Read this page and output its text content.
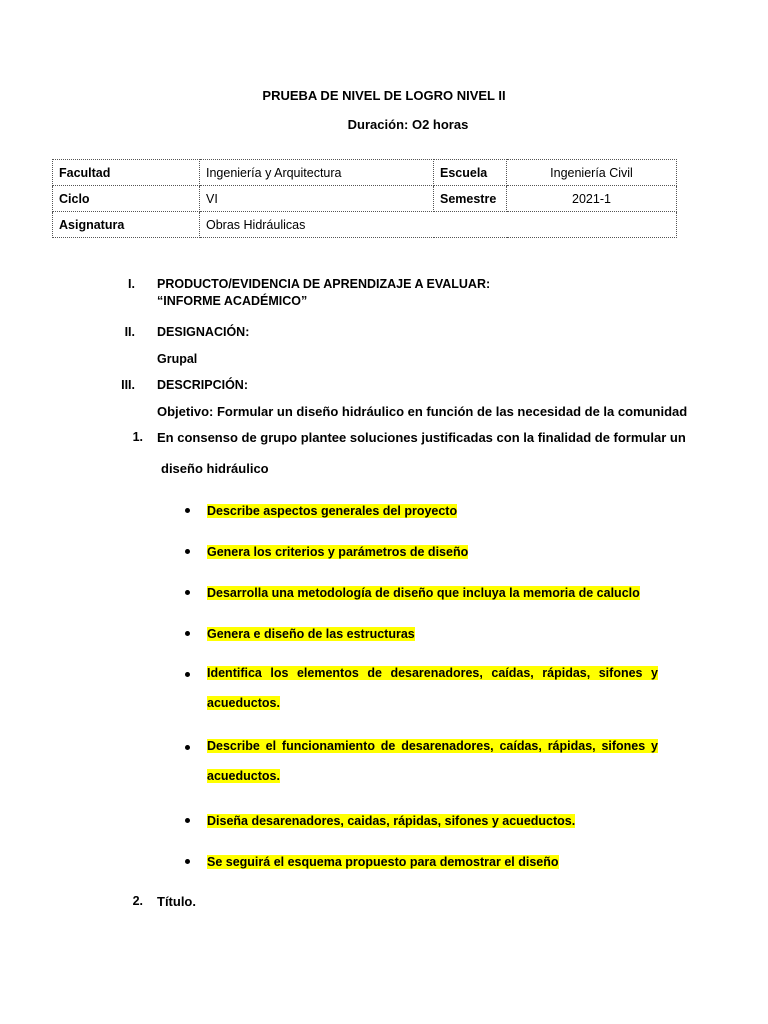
PRUEBA DE NIVEL DE LOGRO NIVEL II
Duración: O2 horas
Facultad	Ingeniería y Arquitectura	Escuela	Ingeniería Civil
Ciclo	VI	Semestre	2021-1
Asignatura	Obras Hidráulicas		
I. PRODUCTO/EVIDENCIA DE APRENDIZAJE A EVALUAR:
“INFORME ACADÉMICO”
II. DESIGNACIÓN:
Grupal
III. DESCRIPCIÓN:
Objetivo: Formular un diseño hidráulico en función de las necesidad de la comunidad
1. En consenso de grupo plantee soluciones justificadas con la finalidad de formular un
diseño hidráulico
Describe aspectos generales del proyecto
Genera los criterios y parámetros de diseño
Desarrolla una metodología de diseño que incluya la memoria de caluclo
Genera e diseño de las estructuras
Identifica los elementos de desarenadores, caídas, rápidas, sifones y
acueductos.
Describe el funcionamiento de desarenadores, caídas, rápidas, sifones y
acueductos.
Diseña desarenadores, caidas, rápidas, sifones y acueductos.
Se seguirá el esquema propuesto para demostrar el diseño
2. Título.
